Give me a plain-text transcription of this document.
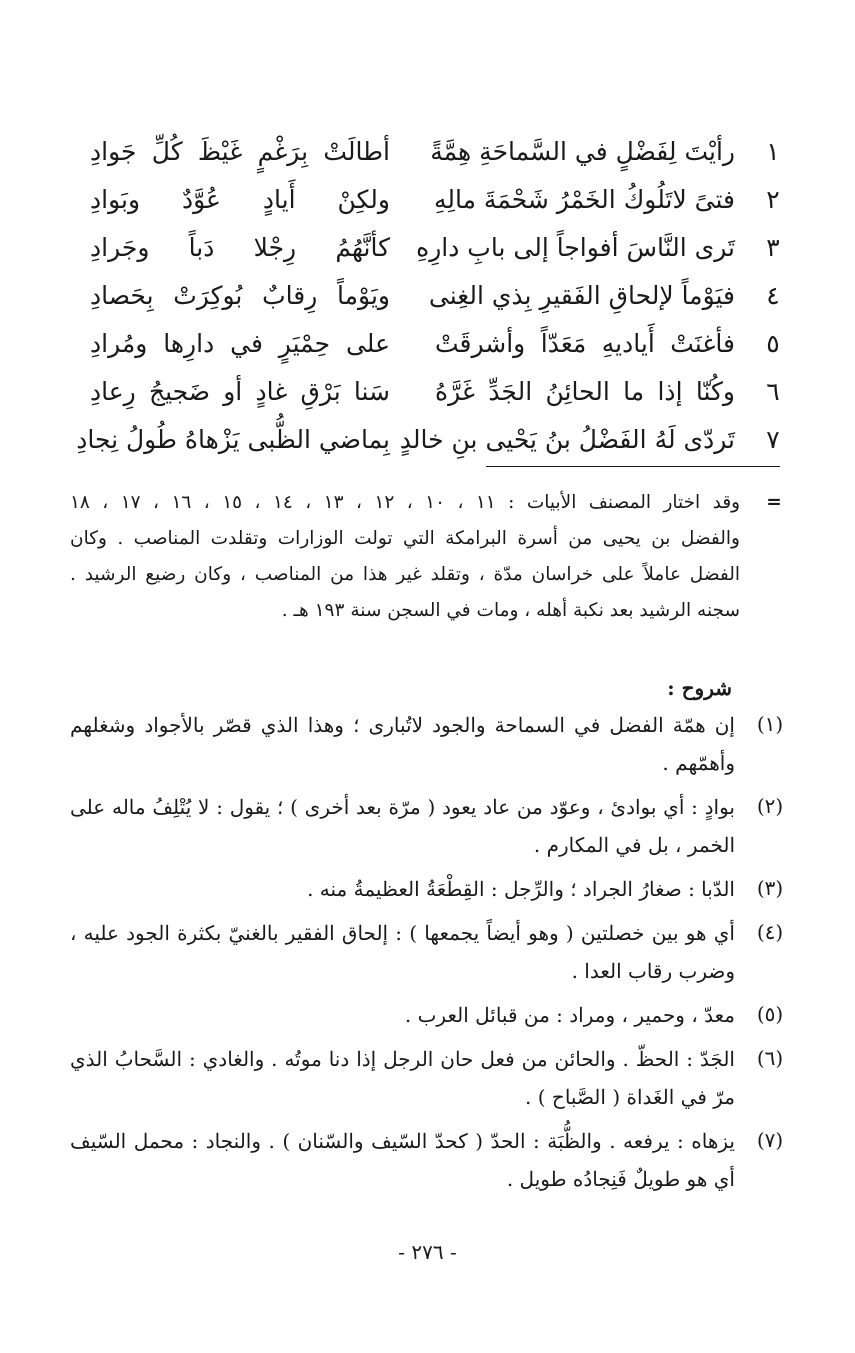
١
رأيْتَ لِفَضْلٍ في السَّماحَةِ هِمَّةً
أطالَتْ بِرَغْمٍ غَيْظَ كُلِّ جَوادِ
٢
فتىً لاتَلُوكُ الخَمْرُ شَحْمَةَ مالِهِ
ولكِنْ أَيادٍ عُوَّدٌ وبَوادِ
٣
تَرى النَّاسَ أفواجاً إلى بابِ دارِهِ
كأنَّهُمُ رِجْلا دَباً وجَرادِ
٤
فيَوْماً لإلحاقِ الفَقيرِ بِذي الغِنى
ويَوْماً رِقابٌ بُوكِرَتْ بِحَصادِ
٥
فأغنَتْ أَياديهِ مَعَدّاً وأشرقَتْ
على حِمْيَرٍ في دارِها ومُرادِ
٦
وكُنّا إذا ما الحائِنُ الجَدِّ غَرَّهُ
سَنا بَرْقِ غادٍ أو ضَجيجُ رِعادِ
٧
تَردّى لَهُ الفَضْلُ بنُ يَحْيى بنِ خالدٍ
بِماضي الظُّبى يَزْهاهُ طُولُ نِجادِ
=
وقد اختار المصنف الأبيات : ١١ ، ١٠ ، ١٢ ، ١٣ ، ١٤ ، ١٥ ، ١٦ ، ١٧ ، ١٨
والفضل بن يحيى من أسرة البرامكة التي تولت الوزارات وتقلدت المناصب . وكان
الفضل عاملاً على خراسان مدّة ، وتقلد غير هذا من المناصب ، وكان رضيع الرشيد .
سجنه الرشيد بعد نكبة أهله ، ومات في السجن سنة ١٩٣ هـ .
شروح :
(١)
إن همّة الفضل في السماحة والجود لاتُبارى ؛ وهذا الذي قصّر بالأجواد وشغلهم
وأهمّهم .
(٢)
بوادٍ : أي بوادئ ، وعوّد من عاد يعود ( مرّة بعد أخرى ) ؛ يقول : لا يُتْلِفُ ماله على
الخمر ، بل في المكارم .
(٣)
الدّبا : صغارُ الجراد ؛ والرِّجل : القِطْعَةُ العظيمةُ منه .
(٤)
أي هو بين خصلتين ( وهو أيضاً يجمعها ) : إلحاق الفقير بالغنيّ بكثرة الجود عليه ،
وضرب رقاب العدا .
(٥)
معدّ ، وحمير ، ومراد : من قبائل العرب .
(٦)
الجَدّ : الحظّ . والحائن من فعل حان الرجل إذا دنا موتُه . والغادي : السَّحابُ الذي
مرّ في الغَداة ( الصَّباح ) .
(٧)
يزهاه : يرفعه . والظُّبَة : الحدّ ( كحدّ السّيف والسّنان ) . والنجاد : محمل السّيف
أي هو طويلٌ فَنِجادُه طويل .
- ٢٧٦ -
